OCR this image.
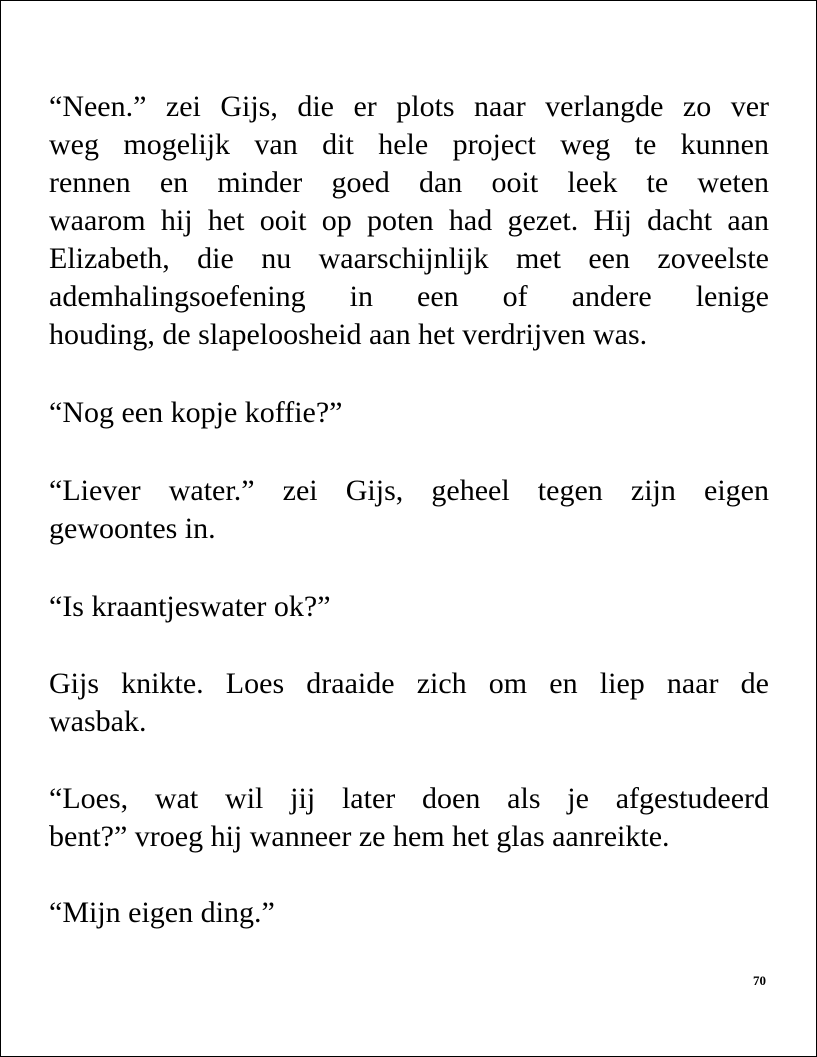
“Neen.” zei Gijs, die er plots naar verlangde zo ver
weg mogelijk van dit hele project weg te kunnen
rennen en minder goed dan ooit leek te weten
waarom hij het ooit op poten had gezet. Hij dacht aan
Elizabeth, die nu waarschijnlijk met een zoveelste
ademhalingsoefening in een of andere lenige
houding, de slapeloosheid aan het verdrijven was.
“Nog een kopje koffie?”
“Liever water.” zei Gijs, geheel tegen zijn eigen
gewoontes in.
“Is kraantjeswater ok?”
Gijs knikte. Loes draaide zich om en liep naar de
wasbak.
“Loes, wat wil jij later doen als je afgestudeerd
bent?” vroeg hij wanneer ze hem het glas aanreikte.
“Mijn eigen ding.”
70
